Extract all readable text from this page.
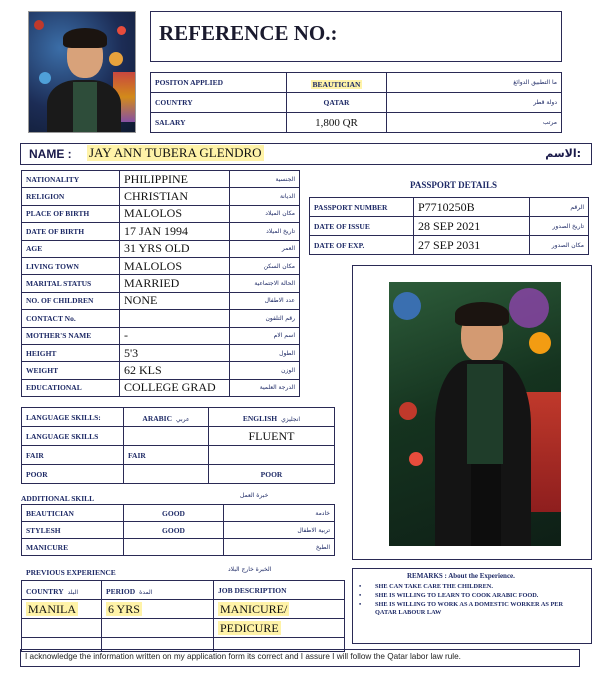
REFERENCE NO.:
POSITON APPLIED	BEAUTICIAN	ما التطبيق الدوائغ
COUNTRY	QATAR	دولة قطر
SALARY	1,800 QR	مرتب
NAME : JAY ANN TUBERA GLENDRO	الاسم:
NATIONALITY	PHILIPPINE	الجنسية
RELIGION	CHRISTIAN	الديانة
PLACE OF BIRTH	MALOLOS	مكان الميلاد
DATE OF BIRTH	17 JAN 1994	تاريخ الميلاد
AGE	31 YRS OLD	العمر
LIVING TOWN	MALOLOS	مكان السكن
MARITAL STATUS	MARRIED	الحالة الاجتماعية
NO. OF CHILDREN	NONE	عدد الاطفال
CONTACT No.		رقم التلفون
MOTHER'S NAME	-	اسم الام
HEIGHT	5'3	الطول
WEIGHT	62 KLS	الوزن
EDUCATIONAL	COLLEGE GRAD	الدرجة العلمية
PASSPORT DETAILS
PASSPORT NUMBER	P7710250B	الرقم
DATE OF ISSUE	28 SEP 2021	تاريخ الصدور
DATE OF EXP.	27 SEP 2031	مكان الصدور
LANGUAGE SKILLS:	ARABIC عربي	ENGLISH انجليزي
LANGUAGE SKILLS		FLUENT
FAIR	FAIR	
POOR		POOR
ADDITIONAL SKILL	خبرة العمل
BEAUTICIAN	GOOD	خادمة
STYLESH	GOOD	تربية الاطفال
MANICURE		الطبخ
PREVIOUS EXPERIENCE	الخبرة خارج البلاد
COUNTRY البلد	PERIOD المدة	JOB DESCRIPTION
MANILA	6 YRS	MANICURE/
		PEDICURE

REMARKS : About the Experience.
•	SHE CAN TAKE CARE THE CHILDREN.
•	SHE IS WILLING TO LEARN TO COOK ARABIC FOOD.
•	SHE IS WILLING TO WORK AS A DOMESTIC WORKER AS PER QATAR LABOUR LAW
I acknowledge the information written on my application form its correct and I assure I will follow the Qatar labor law rule.
